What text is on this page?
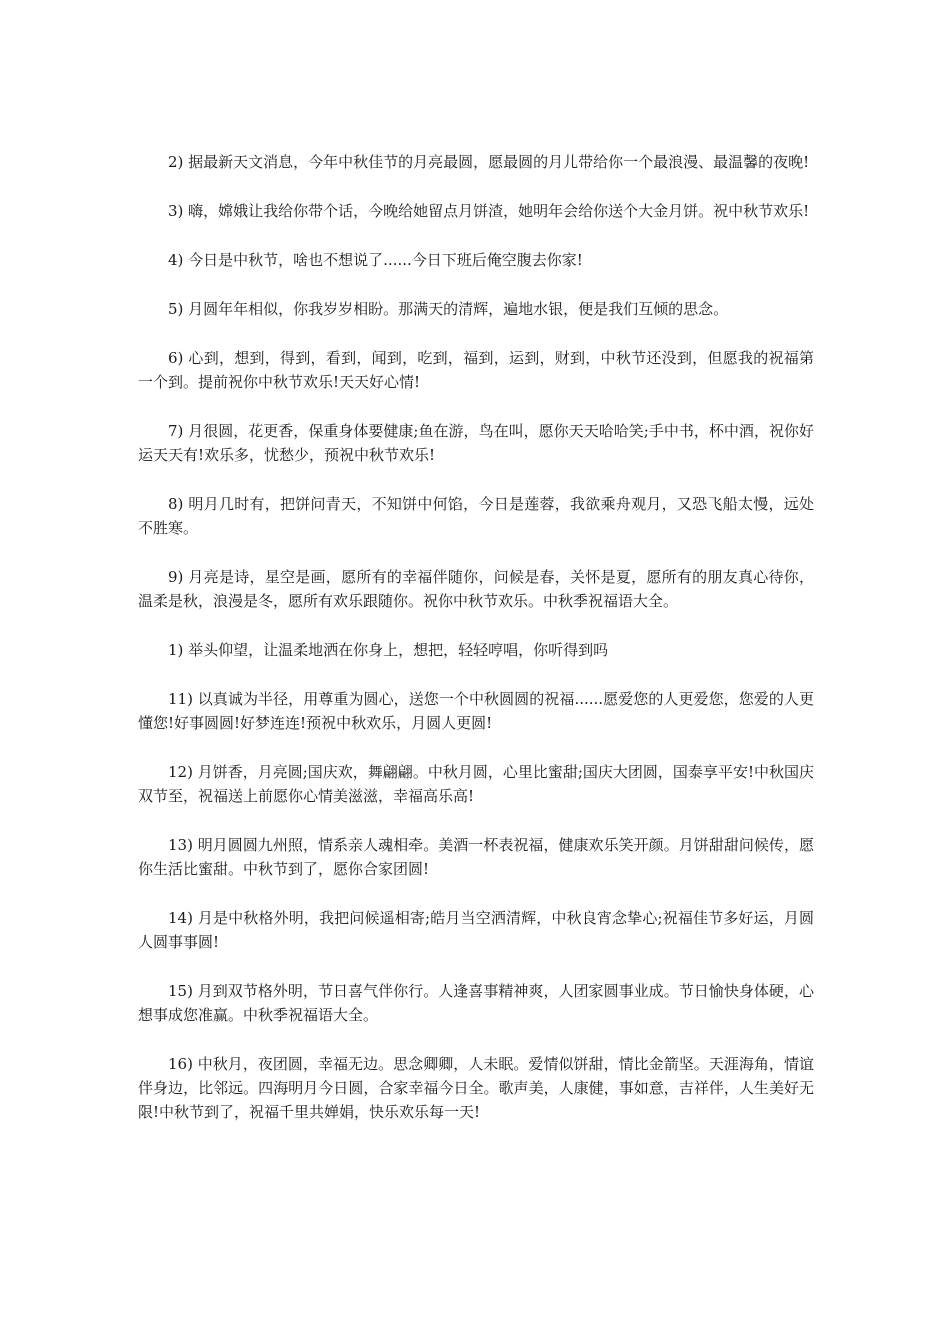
2) 据最新天文消息，今年中秋佳节的月亮最圆，愿最圆的月儿带给你一个最浪漫、最温馨的夜晚!

3) 嗨，嫦娥让我给你带个话，今晚给她留点月饼渣，她明年会给你送个大金月饼。祝中秋节欢乐!

4) 今日是中秋节，啥也不想说了......今日下班后俺空腹去你家!

5) 月圆年年相似，你我岁岁相盼。那满天的清辉，遍地水银，便是我们互倾的思念。

6) 心到，想到，得到，看到，闻到，吃到，福到，运到，财到，中秋节还没到，但愿我的祝福第一个到。提前祝你中秋节欢乐!天天好心情!

7) 月很圆，花更香，保重身体要健康;鱼在游，鸟在叫，愿你天天哈哈笑;手中书，杯中酒，祝你好运天天有!欢乐多，忧愁少，预祝中秋节欢乐!

8) 明月几时有，把饼问青天，不知饼中何馅，今日是莲蓉，我欲乘舟观月，又恐飞船太慢，远处不胜寒。

9) 月亮是诗，星空是画，愿所有的幸福伴随你，问候是春，关怀是夏，愿所有的朋友真心待你，温柔是秋，浪漫是冬，愿所有欢乐跟随你。祝你中秋节欢乐。中秋季祝福语大全。

1) 举头仰望，让温柔地洒在你身上，想把，轻轻哼唱，你听得到吗

11) 以真诚为半径，用尊重为圆心，送您一个中秋圆圆的祝福......愿爱您的人更爱您，您爱的人更懂您!好事圆圆!好梦连连!预祝中秋欢乐，月圆人更圆!

12) 月饼香，月亮圆;国庆欢，舞翩翩。中秋月圆，心里比蜜甜;国庆大团圆，国泰享平安!中秋国庆双节至，祝福送上前愿你心情美滋滋，幸福高乐高!

13) 明月圆圆九州照，情系亲人魂相牵。美酒一杯表祝福，健康欢乐笑开颜。月饼甜甜问候传，愿你生活比蜜甜。中秋节到了，愿你合家团圆!

14) 月是中秋格外明，我把问候遥相寄;皓月当空洒清辉，中秋良宵念挚心;祝福佳节多好运，月圆人圆事事圆!

15) 月到双节格外明，节日喜气伴你行。人逢喜事精神爽，人团家圆事业成。节日愉快身体硬，心想事成您准赢。中秋季祝福语大全。

16) 中秋月，夜团圆，幸福无边。思念卿卿，人未眠。爱情似饼甜，情比金箭坚。天涯海角，情谊伴身边，比邻远。四海明月今日圆，合家幸福今日全。歌声美，人康健，事如意，吉祥伴，人生美好无限!中秋节到了，祝福千里共婵娟，快乐欢乐每一天!
